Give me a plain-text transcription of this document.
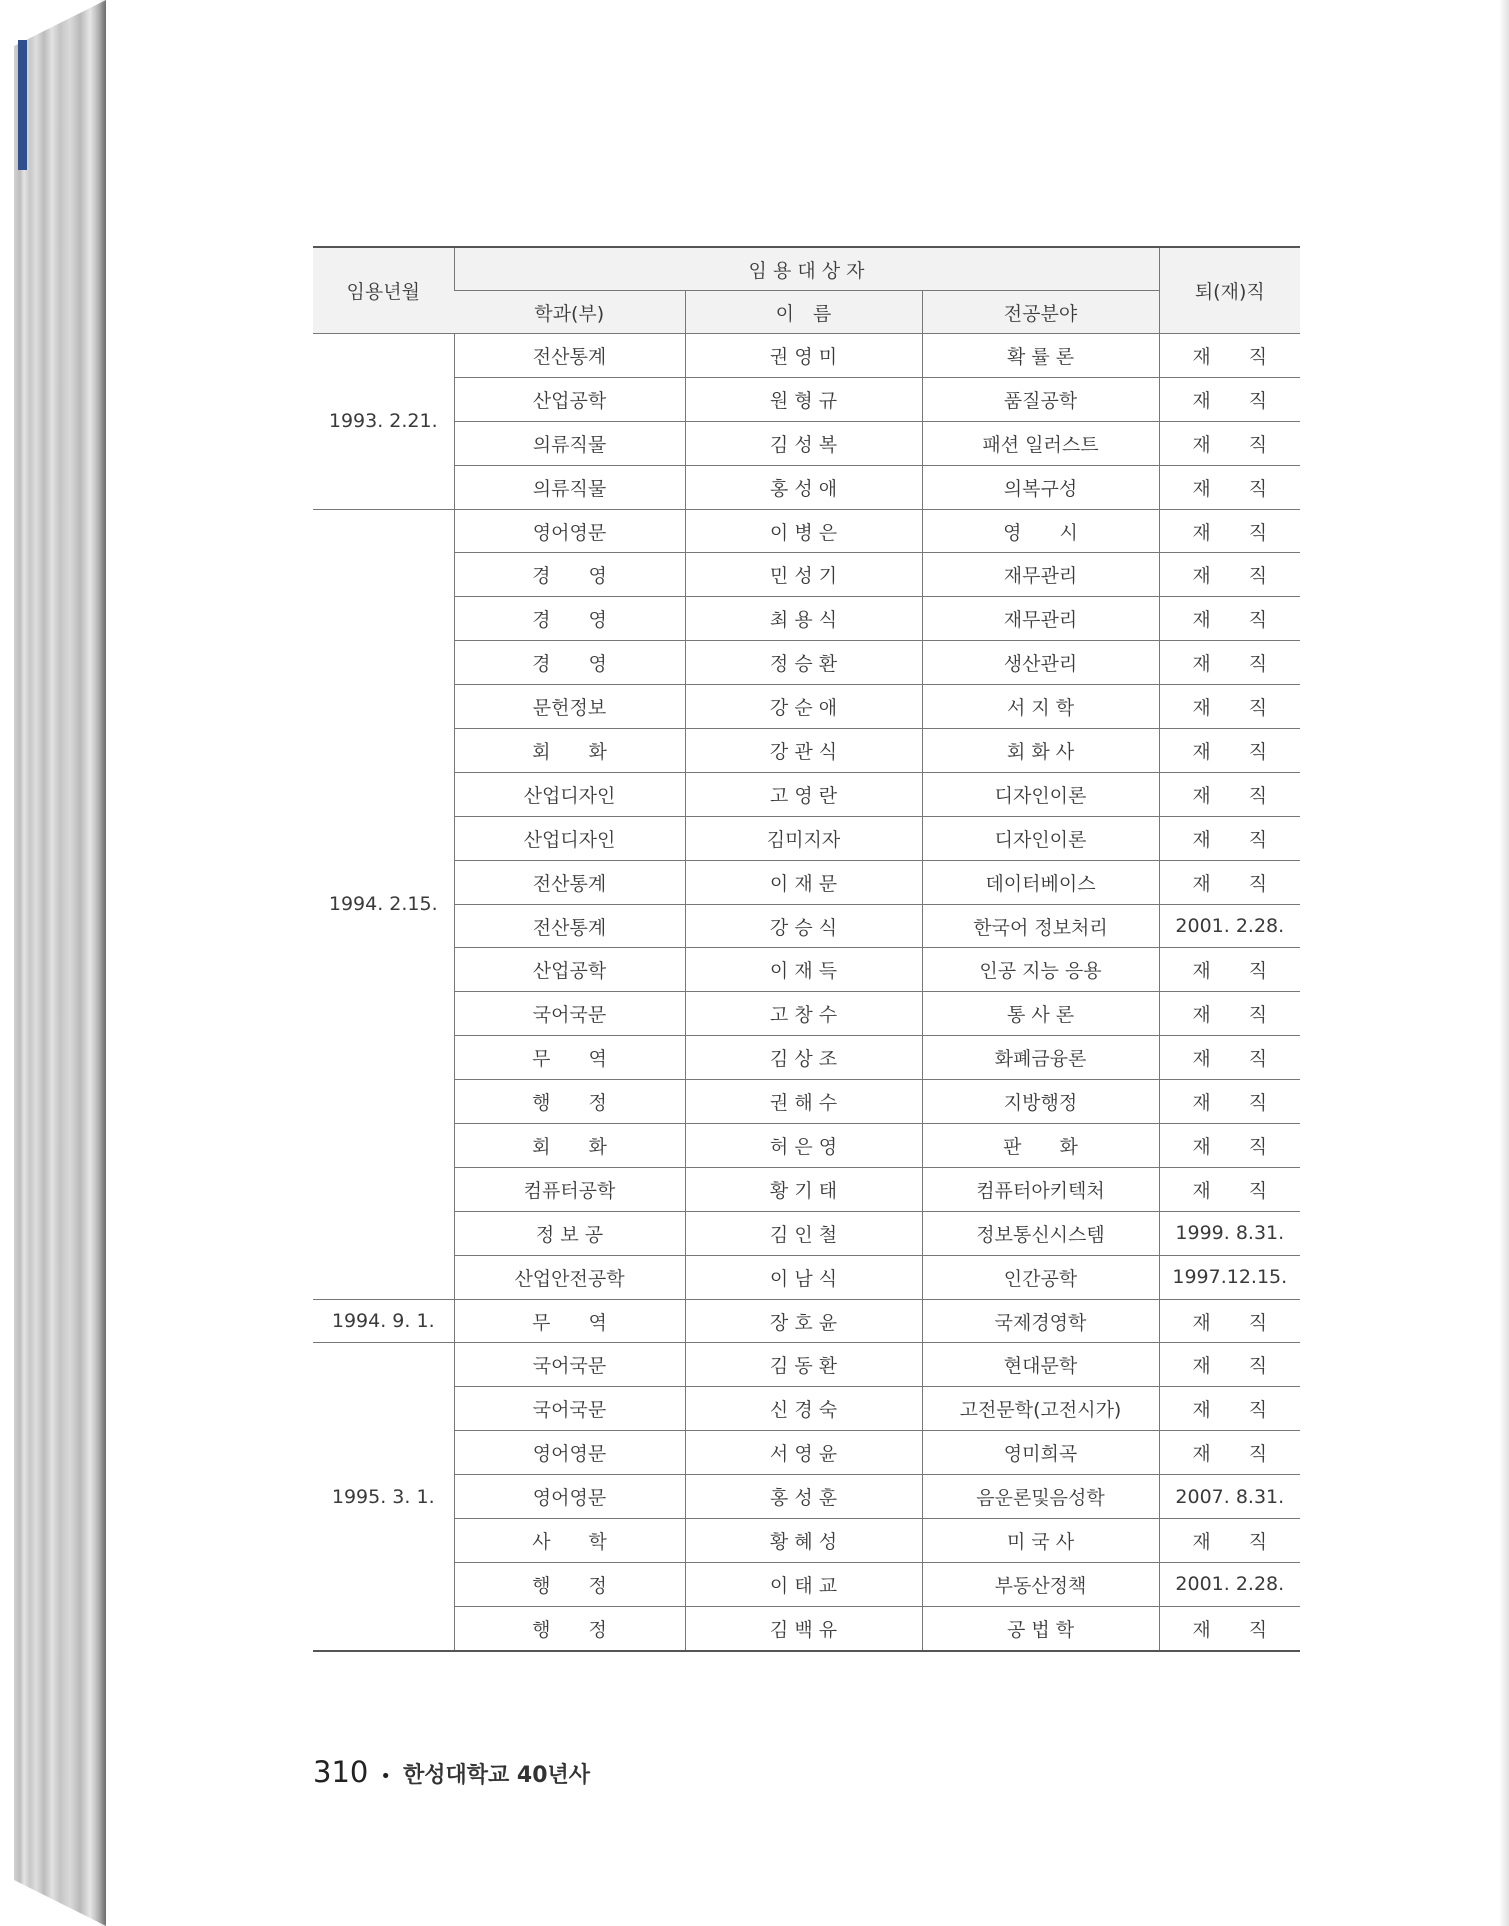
임용년월	임 용 대 상 자			퇴(재)직
	학과(부)	이　름	전공분야	
1993. 2.21.	전산통계	권 영 미	확 률 론	재　　직
	산업공학	원 형 규	품질공학	재　　직
	의류직물	김 성 복	패션 일러스트	재　　직
	의류직물	홍 성 애	의복구성	재　　직
1994. 2.15.	영어영문	이 병 은	영　　시	재　　직
	경　　영	민 성 기	재무관리	재　　직
	경　　영	최 용 식	재무관리	재　　직
	경　　영	정 승 환	생산관리	재　　직
	문헌정보	강 순 애	서 지 학	재　　직
	회　　화	강 관 식	회 화 사	재　　직
	산업디자인	고 영 란	디자인이론	재　　직
	산업디자인	김미지자	디자인이론	재　　직
	전산통계	이 재 문	데이터베이스	재　　직
	전산통계	강 승 식	한국어 정보처리	2001. 2.28.
	산업공학	이 재 득	인공 지능 응용	재　　직
	국어국문	고 창 수	통 사 론	재　　직
	무　　역	김 상 조	화폐금융론	재　　직
	행　　정	권 해 수	지방행정	재　　직
	회　　화	허 은 영	판　　화	재　　직
	컴퓨터공학	황 기 태	컴퓨터아키텍처	재　　직
	정 보 공	김 인 철	정보통신시스템	1999. 8.31.
	산업안전공학	이 남 식	인간공학	1997.12.15.
1994. 9. 1.	무　　역	장 호 윤	국제경영학	재　　직
1995. 3. 1.	국어국문	김 동 환	현대문학	재　　직
	국어국문	신 경 숙	고전문학(고전시가)	재　　직
	영어영문	서 영 윤	영미희곡	재　　직
	영어영문	홍 성 훈	음운론및음성학	2007. 8.31.
	사　　학	황 혜 성	미 국 사	재　　직
	행　　정	이 태 교	부동산정책	2001. 2.28.
	행　　정	김 백 유	공 법 학	재　　직
310 • 한성대학교 40년사
